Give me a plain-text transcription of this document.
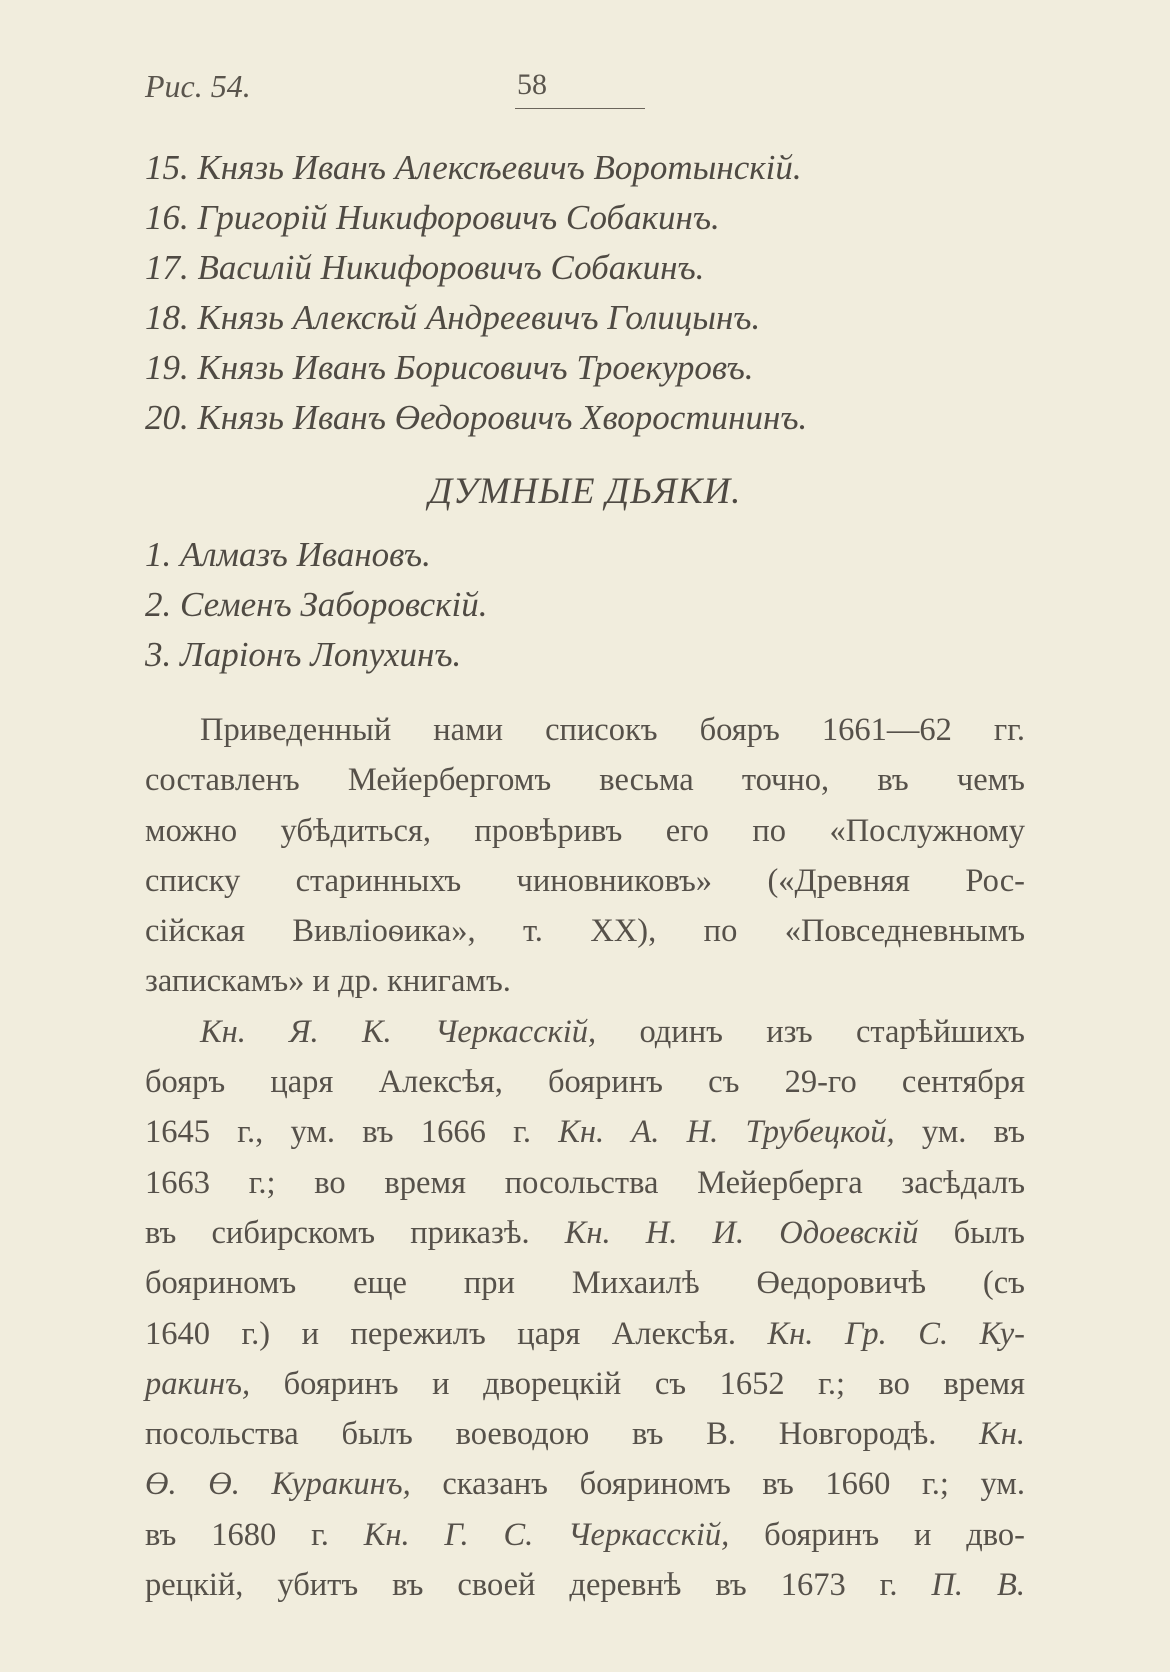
Рис. 54.	58
15. Князь Иванъ Алексѣевичъ Воротынскій.
16. Григорій Никифоровичъ Собакинъ.
17. Василій Никифоровичъ Собакинъ.
18. Князь Алексѣй Андреевичъ Голицынъ.
19. Князь Иванъ Борисовичъ Троекуровъ.
20. Князь Иванъ Өедоровичъ Хворостининъ.
ДУМНЫЕ ДЬЯКИ.
1. Алмазъ Ивановъ.
2. Семенъ Заборовскій.
3. Ларіонъ Лопухинъ.
Приведенный нами списокъ бояръ 1661—62 гг.
составленъ Мейербергомъ весьма точно, въ чемъ
можно убѣдиться, провѣривъ его по «Послужному
списку старинныхъ чиновниковъ» («Древняя Рос-
сійская Вивліоѳика», т. XX), по «Повседневнымъ
запискамъ» и др. книгамъ.
Кн. Я. К. Черкасскій, одинъ изъ старѣйшихъ
бояръ царя Алексѣя, бояринъ съ 29-го сентября
1645 г., ум. въ 1666 г. Кн. А. Н. Трубецкой, ум. въ
1663 г.; во время посольства Мейерберга засѣдалъ
въ сибирскомъ приказѣ. Кн. Н. И. Одоевскій былъ
бояриномъ еще при Михаилѣ Өедоровичѣ (съ
1640 г.) и пережилъ царя Алексѣя. Кн. Гр. С. Ку-
ракинъ, бояринъ и дворецкій съ 1652 г.; во время
посольства былъ воеводою въ В. Новгородѣ. Кн.
Ө. Ө. Куракинъ, сказанъ бояриномъ въ 1660 г.; ум.
въ 1680 г. Кн. Г. С. Черкасскій, бояринъ и дво-
рецкій, убитъ въ своей деревнѣ въ 1673 г. П. В.
